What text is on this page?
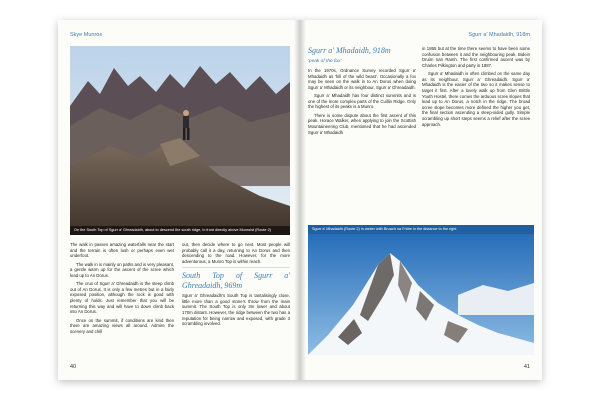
Skye Munros
On the South Top of Sgurr a' Ghreadaidh, about to descend the south ridge, in front directly above Munroist (Route 2)

The walk in passes amazing waterfalls near the start and the terrain is often lush or perhaps even wet underfoot.

The walk in is mainly on paths and is very pleasant, a gentle warm up for the ascent of the scree which lead up to An Dorus.

The crux of Sgurr a' Ghreadaidh is the steep climb out of An Dorus. It is only a few metres but in a fairly exposed position, although the rock is good with plenty of holds. Just remember that you will be returning this way and will have to down climb back into An Dorus.

Once on the summit, if conditions are kind then there are amazing views all around. Admire the scenery and chill

out, then decide where to go next. Most people will probably call it a day, returning to An Dorus and then descending to the road. However, for the more adventurous, a Munro Top is within reach.

South Top of Sgurr a' Ghreadaidh, 969m

Sgurr a' Ghreadaidh's South Top is tantalisingly close, little more than a good stone's throw from the main summit. The South Top is only 3m lower and about 170m distant. However, the ridge between the two has a reputation for being narrow and exposed, with grade 3 scrambling involved.

40
Sgurr a' Mhadaidh, 918m
Sgurr a' Mhadaidh, 918m
'peak of the fox'

In the 1970s, Ordnance Survey recorded Sgurr a' Mhadaidh as 'hill of the wild beast'. Occasionally a fox may be seen on the walk in to An Dorus when doing Sgurr a' Mhadaidh or its neighbour, Sgurr a' Ghreadaidh.

Sgurr a' Mhadaidh has four distinct summits and is one of the more complex parts of the Cuillin Ridge. Only the highest of its peaks is a Munro.

There is some dispute about the first ascent of this peak. Horace Walker, when applying to join the Scottish Mountaineering Club, mentioned that he had ascended Sgurr a' Mhadaidh

in 1865 but at the time there seems to have been some confusion between it and the neighbouring peak, Bidein Druim nan Ramh. The first confirmed ascent was by Charles Pilkington and party in 1887.

Sgurr a' Mhadaidh is often climbed on the same day as its neighbour, Sgurr a' Ghreadaidh. Sgurr a' Mhadaidh is the easier of the two so it makes sense to target it first. After a lovely walk up from Glen Brittle Youth Hostel, there comes the arduous scree slopes that lead up to An Dorus, a notch in the ridge. The broad scree slope becomes more defined the higher you get, the final section ascending a steep-sided gully. Simple scrambling up short steps seems a relief after the scree approach.

Sgurr a' Mhadaidh (Route 2) in winter with Bruach na Frithe in the distance to the right
41
